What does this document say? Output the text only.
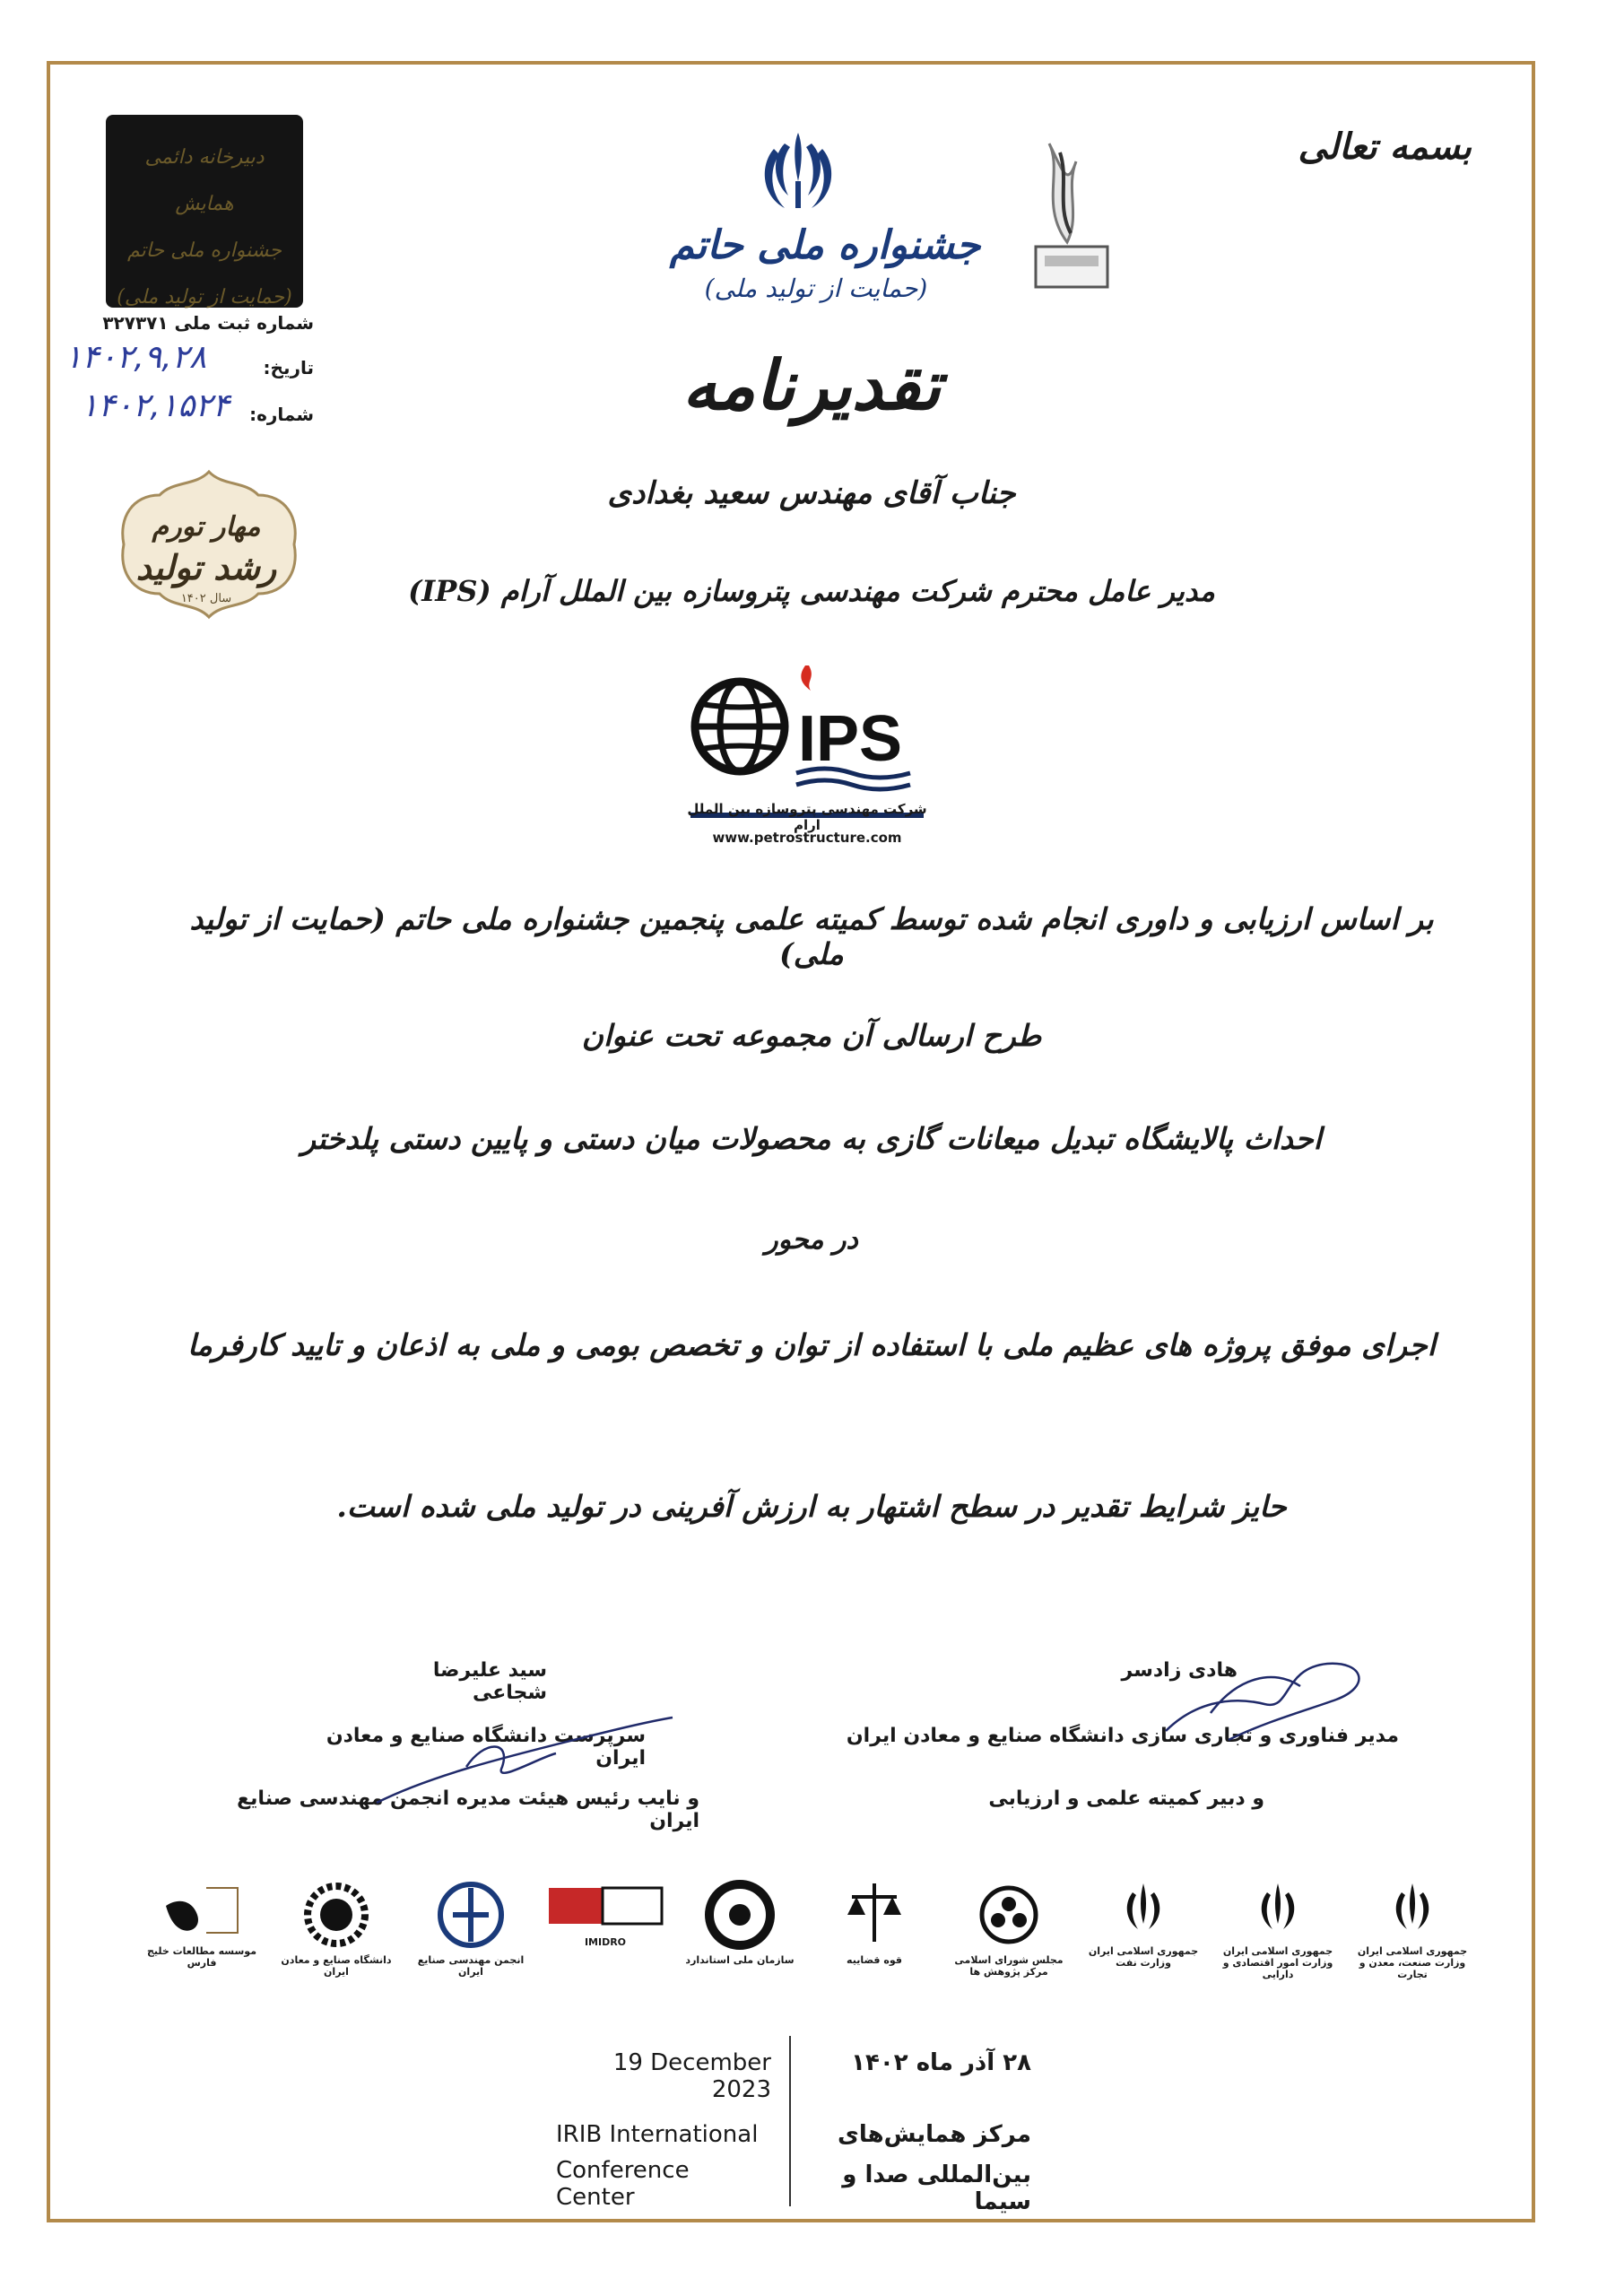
بسمه تعالی
جشنواره ملی حاتم
(حمایت از تولید ملی)
دبیرخانه دائمی همایش
جشنواره ملی حاتم
(حمایت از تولید ملی)
شماره ثبت ملی ۳۲۷۳۷۱
تاریخ:
۱۴۰۲,۹,۲۸
شماره:
۱۴۰۲,۱۵۲۴
مهار تورم
رشد تولید
سال ۱۴۰۲
تقدیرنامه
جناب آقای مهندس سعید بغدادی
مدیر عامل محترم شرکت مهندسی پتروسازه بین الملل آرام (IPS)
IPS
شرکت مهندسی پتروسازه بین الملل ارام
www.petrostructure.com
بر اساس ارزیابی و داوری انجام شده توسط کمیته علمی پنجمین جشنواره ملی حاتم (حمایت از تولید ملی)
طرح ارسالی آن مجموعه تحت عنوان
احداث پالایشگاه تبدیل میعانات گازی به محصولات میان دستی و پایین دستی پلدختر
در محور
اجرای موفق پروژه های عظیم ملی با استفاده از توان و تخصص بومی و ملی به اذعان و تایید کارفرما
حایز شرایط تقدیر در سطح اشتهار به ارزش آفرینی در تولید ملی شده است.
هادی زادسر
مدیر فناوری و تجاری سازی دانشگاه صنایع و معادن ایران
و دبیر کمیته علمی و ارزیابی
سید علیرضا شجاعی
سرپرست دانشگاه صنایع و معادن ایران
و نایب رئیس هیئت مدیره انجمن مهندسی صنایع ایران
موسسه مطالعات خلیج فارس	دانشگاه صنایع و معادن ایران
انجمن مهندسی صنایع ایران
IMIDRO
سازمان ملی استاندارد	قوه قضاییه	مجلس شورای اسلامی مرکز پژوهش ها
جمهوری اسلامی ایران وزارت نفت
جمهوری اسلامی ایران وزارت امور اقتصادی و دارایی
جمهوری اسلامی ایران وزارت صنعت، معدن و تجارت
19 December 2023
IRIB International
Conference Center
۲۸ آذر ماه ۱۴۰۲
مرکز همایش‌های
بین‌المللی صدا و سیما
